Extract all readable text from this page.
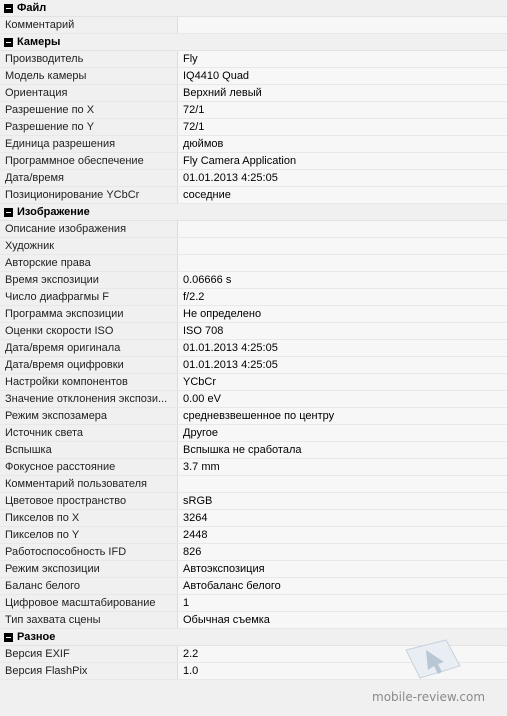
Файл
Комментарий
Камеры
Производитель	Fly
Модель камеры	IQ4410 Quad
Ориентация	Верхний левый
Разрешение по X	72/1
Разрешение по Y	72/1
Единица разрешения	дюймов
Программное обеспечение	Fly Camera Application
Дата/время	01.01.2013 4:25:05
Позиционирование YCbCr	соседние
Изображение
Описание изображения
Художник
Авторские права
Время экспозиции	0.06666 s
Число диафрагмы F	f/2.2
Программа экспозиции	Не определено
Оценки скорости ISO	ISO 708
Дата/время оригинала	01.01.2013 4:25:05
Дата/время оцифровки	01.01.2013 4:25:05
Настройки компонентов	YCbCr
Значение отклонения экспози...	0.00 eV
Режим экспозамера	средневзвешенное по центру
Источник света	Другое
Вспышка	Вспышка не сработала
Фокусное расстояние	3.7 mm
Комментарий пользователя
Цветовое пространство	sRGB
Пикселов по X	3264
Пикселов по Y	2448
Работоспособность IFD	826
Режим экспозиции	Автоэкспозиция
Баланс белого	Автобаланс белого
Цифровое масштабирование	1
Тип захвата сцены	Обычная съемка
Разное
Версия EXIF	2.2
Версия FlashPix	1.0
mobile-review.com
